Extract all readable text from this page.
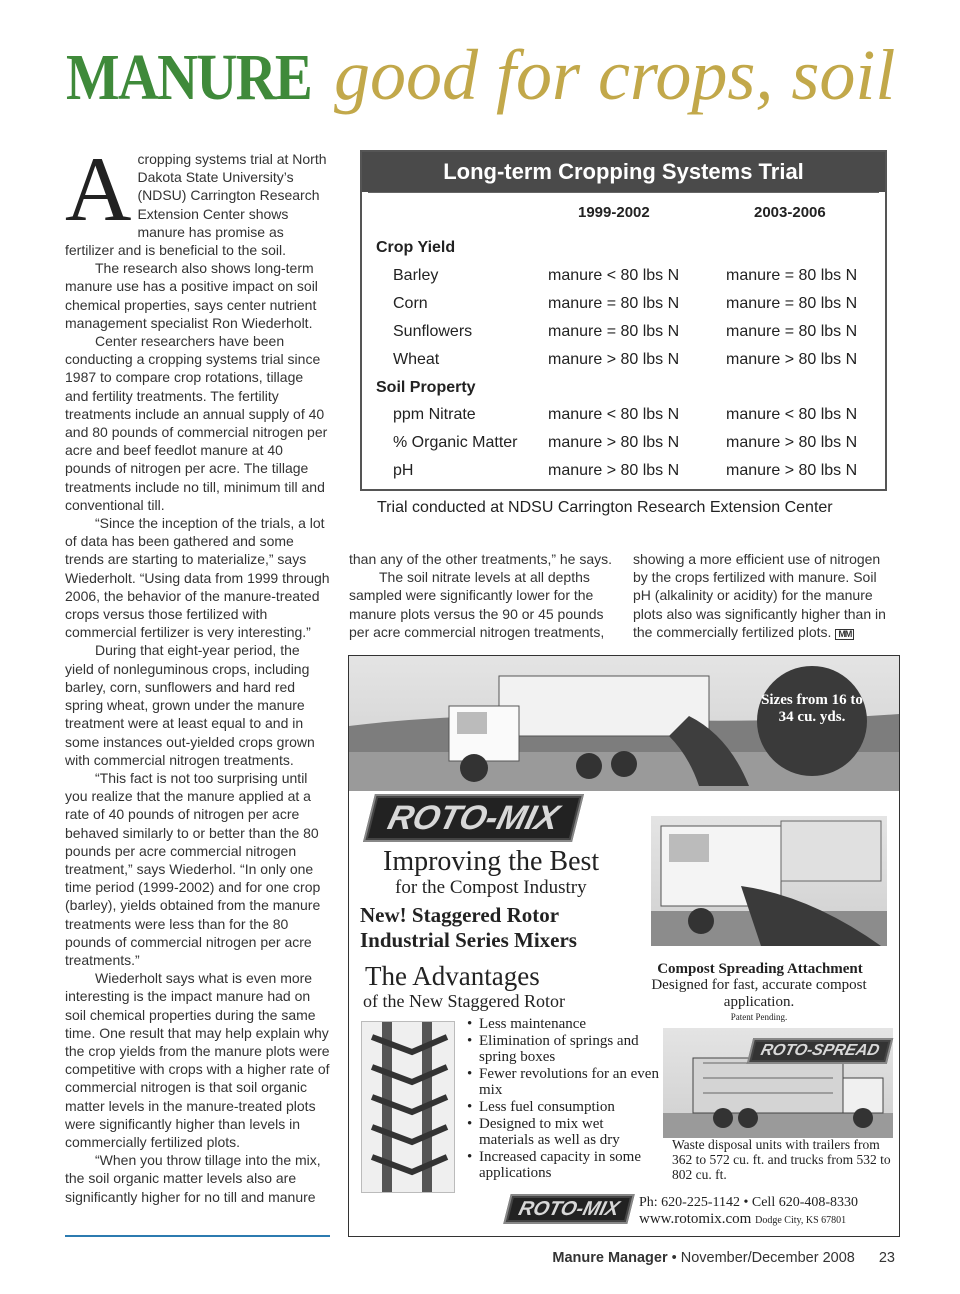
MANURE good for crops, soil
A cropping systems trial at North Dakota State University’s (NDSU) Carrington Research Extension Center shows manure has promise as fertilizer and is beneficial to the soil.

The research also shows long-term manure use has a positive impact on soil chemical properties, says center nutrient management specialist Ron Wiederholt.

Center researchers have been conducting a cropping systems trial since 1987 to compare crop rotations, tillage and fertility treatments. The fertility treatments include an annual supply of 40 and 80 pounds of commercial nitrogen per acre and beef feedlot manure at 40 pounds of nitrogen per acre. The tillage treatments include no till, minimum till and conventional till.

“Since the inception of the trials, a lot of data has been gathered and some trends are starting to materialize,” says Wiederholt. “Using data from 1999 through 2006, the behavior of the manure-treated crops versus those fertilized with commercial fertilizer is very interesting.”

During that eight-year period, the yield of nonleguminous crops, including barley, corn, sunflowers and hard red spring wheat, grown under the manure treatment were at least equal to and in some instances out-yielded crops grown with commercial nitrogen treatments.

“This fact is not too surprising until you realize that the manure applied at a rate of 40 pounds of nitrogen per acre behaved similarly to or better than the 80 pounds per acre commercial nitrogen treatment,” says Wiederhol. “In only one time period (1999-2002) and for one crop (barley), yields obtained from the manure treatments were less than for the 80 pounds of commercial nitrogen per acre treatments.”

Wiederholt says what is even more interesting is the impact manure had on soil chemical properties during the same time. One result that may help explain why the crop yields from the manure plots were competitive with crops with a higher rate of commercial nitrogen is that soil organic matter levels in the manure-treated plots were significantly higher than levels in commercially fertilized plots.

“When you throw tillage into the mix, the soil organic matter levels also are significantly higher for no till and manure

Long-term Cropping Systems Trial
1999-2002	2003-2006
Crop Yield
Barley	manure < 80 lbs N	manure = 80 lbs N
Corn	manure = 80 lbs N	manure = 80 lbs N
Sunflowers	manure = 80 lbs N	manure = 80 lbs N
Wheat	manure > 80 lbs N	manure > 80 lbs N
Soil Property
ppm Nitrate	manure < 80 lbs N	manure < 80 lbs N
% Organic Matter manure > 80 lbs N	manure > 80 lbs N
pH	manure > 80 lbs N	manure > 80 lbs N
Trial conducted at NDSU Carrington Research Extension Center

than any of the other treatments,” he says.

The soil nitrate levels at all depths sampled were significantly lower for the manure plots versus the 90 or 45 pounds per acre commercial nitrogen treatments,

showing a more efficient use of nitrogen by the crops fertilized with manure. Soil pH (alkalinity or acidity) for the manure plots also was significantly higher than in the commercially fertilized plots. MM

Sizes from 16 to 34 cu. yds.
ROTO-MIX
Improving the Best
for the Compost Industry
New! Staggered Rotor Industrial Series Mixers
The Advantages
of the New Staggered Rotor
• Less maintenance
• Elimination of springs and spring boxes
• Fewer revolutions for an even mix
• Less fuel consumption
• Designed to mix wet materials as well as dry
• Increased capacity in some applications
Compost Spreading Attachment
Designed for fast, accurate compost application.
Patent Pending.
ROTO-SPREAD
Waste disposal units with trailers from 362 to 572 cu. ft. and trucks from 532 to 802 cu. ft.
ROTO-MIX	Ph: 620-225-1142 • Cell 620-408-8330
www.rotomix.com Dodge City, KS 67801
Manure Manager • November/December 2008 23
